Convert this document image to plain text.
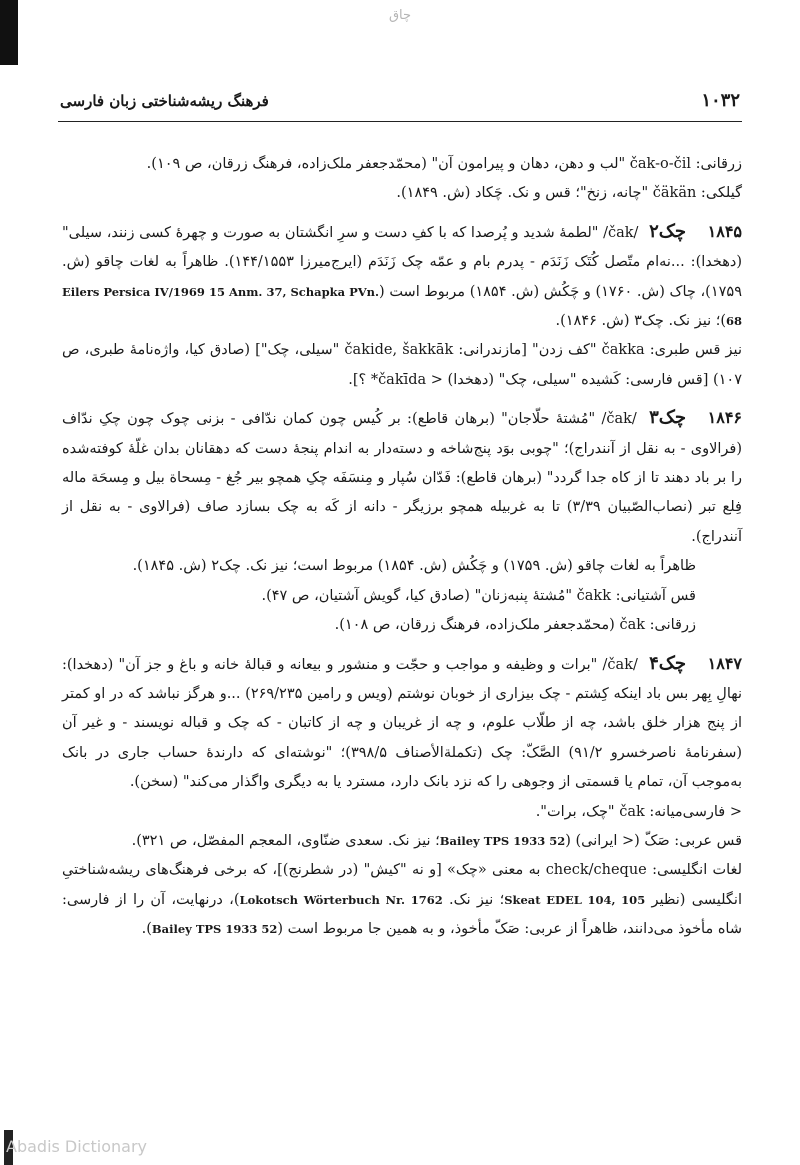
چاق
۱۰۳۲
فرهنگ ریشه‌شناختی زبان فارسی
زرقانی: čak-o-čil "لب و دهن، دهان و پیرامون آن" (محمّدجعفر ملک‌زاده، فرهنگ زرقان، ص ۱۰۹).
گیلکی: čäkän "چانه، زنخ"؛ قس و نک. چَکاد (ش. ۱۸۴۹).
۱۸۴۵چک۲ /čak/ "لطمهٔ شدید و پُرصدا که با کفِ دست و سرِ انگشتان به صورت و چهرهٔ کسی زنند، سیلی" (دهخدا): ...نه‌ام متّصل کُتَک زَنَدَم - پدرم بام و عمّه چک زَنَدَم (ایرج‌میرزا ۱۴۴/۱۵۵۳). ظاهراً به لغات چاقو (ش. ۱۷۵۹)، چاک (ش. ۱۷۶۰) و چَکُش (ش. ۱۸۵۴) مربوط است (Eilers Persica IV/1969 15 Anm. 37, Schapka PVn. 68)؛ نیز نک. چک۳ (ش. ۱۸۴۶).
نیز قس طبری: čakka "کف زدن" [مازندرانی: čakide, šakkāk "سیلی، چک"] (صادق کیا، واژه‌نامهٔ طبری، ص ۱۰۷) [قس فارسی: کَشیده "سیلی، چک" (دهخدا) < *čakīda ؟].
۱۸۴۶چک۳ /čak/ "مُشتهٔ حلّاجان" (برهان قاطع): بر کُیس چون کمان ندّافی - بزنی چوک چون چکِ ندّاف (فرالاوی - به نقل از آنندراج)؛ "چوبی بوَد پنج‌شاخه و دسته‌دار به اندام پنجهٔ دست که دهقانان بدان غلّهٔ کوفته‌شده را بر باد دهند تا از کاه جدا گردد" (برهان قاطع): فَدّان سُپار و مِنسَفَه چکِ همچو بیر جُغ - مِسحاة بیل و مِسحَة ماله فِلع تبر (نصاب‌الصّبیان ۳/۳۹) تا به غربیله همچو برزیگر - دانه از کَه به چک بسازد صاف (فرالاوی - به نقل از آنندراج).
ظاهراً به لغات چاقو (ش. ۱۷۵۹) و چَکُش (ش. ۱۸۵۴) مربوط است؛ نیز نک. چک۲ (ش. ۱۸۴۵).
قس آشتیانی: čakk "مُشتهٔ پنبه‌زنان" (صادق کیا، گویش آشتیان، ص ۴۷).
زرقانی: čak (محمّدجعفر ملک‌زاده، فرهنگ زرقان، ص ۱۰۸).
۱۸۴۷چک۴ /čak/ "برات و وظیفه و مواجب و حجّت و منشور و بیعانه و قبالهٔ خانه و باغ و جز آن" (دهخدا): نهالِ بِهر بس باد اینکه کِشتم - چک بیزاری از خوبان نوشتم (ویس و رامین ۲۶۹/۲۳۵) ...و هرگز نباشد که در او کمتر از پنج هزار خلق باشد، چه از طلّاب علوم، و چه از غریبان و چه از کاتبان - که چک و قباله نویسند - و غیر آن (سفرنامهٔ ناصرخسرو ۹۱/۲) الصَّکّ: چک (تکملة‌الأصناف ۳۹۸/۵)؛ "نوشته‌ای که دارندهٔ حساب جاری در بانک به‌موجب آن، تمام یا قسمتی از وجوهی را که نزد بانک دارد، مسترد یا به دیگری واگذار می‌کند" (سخن).
< فارسی‌میانه: čak "چک، برات".
قس عربی: صَکّ (< ایرانی) (Bailey TPS 1933 52؛ نیز نک. سعدی ضنّاوی، المعجم المفصّل، ص ۳۲۱).
لغات انگلیسی: check/cheque به معنی «چک» [و نه "کیش" (در شطرنج)]، که برخی فرهنگ‌های ریشه‌شناختیِ انگلیسی (نظیر Skeat EDEL 104, 105؛ نیز نک. Lokotsch Wörterbuch Nr. 1762)، درنهایت، آن را از فارسی: شاه مأخوذ می‌دانند، ظاهراً از عربی: صَکّ مأخوذ، و به همین جا مربوط است (Bailey TPS 1933 52).
Abadis Dictionary
